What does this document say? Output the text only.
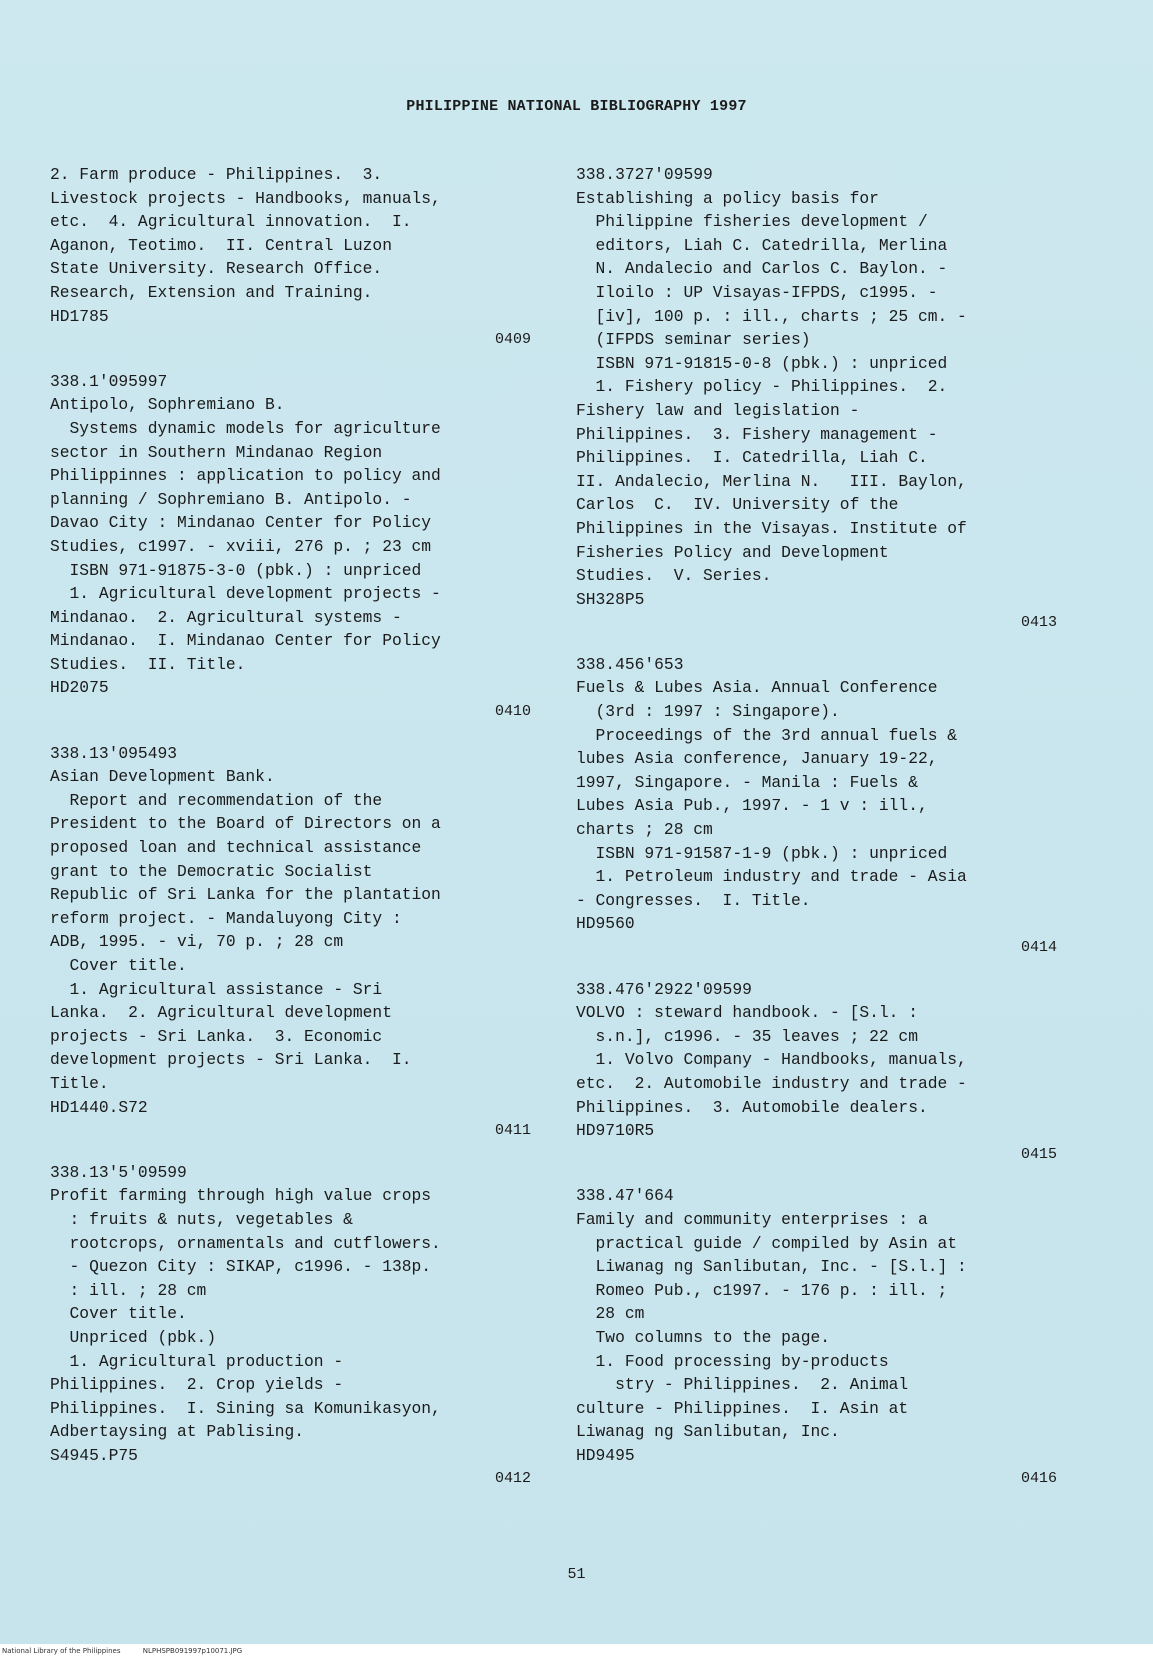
PHILIPPINE NATIONAL BIBLIOGRAPHY 1997
2. Farm produce - Philippines.  3.
Livestock projects - Handbooks, manuals,
etc.  4. Agricultural innovation.  I.
Aganon, Teotimo.  II. Central Luzon
State University. Research Office.
Research, Extension and Training.
HD1785
0409
338.1'095997
Antipolo, Sophremiano B.
Systems dynamic models for agriculture
sector in Southern Mindanao Region
Philippinnes : application to policy and
planning / Sophremiano B. Antipolo. -
Davao City : Mindanao Center for Policy
Studies, c1997. - xviii, 276 p. ; 23 cm
ISBN 971-91875-3-0 (pbk.) : unpriced
1. Agricultural development projects -
Mindanao.  2. Agricultural systems -
Mindanao.  I. Mindanao Center for Policy
Studies.  II. Title.
HD2075
0410
338.13'095493
Asian Development Bank.
Report and recommendation of the
President to the Board of Directors on a
proposed loan and technical assistance
grant to the Democratic Socialist
Republic of Sri Lanka for the plantation
reform project. - Mandaluyong City :
ADB, 1995. - vi, 70 p. ; 28 cm
Cover title.
1. Agricultural assistance - Sri
Lanka.  2. Agricultural development
projects - Sri Lanka.  3. Economic
development projects - Sri Lanka.  I.
Title.
HD1440.S72
0411
338.13'5'09599
Profit farming through high value crops
: fruits & nuts, vegetables &
rootcrops, ornamentals and cutflowers.
- Quezon City : SIKAP, c1996. - 138p.
: ill. ; 28 cm
Cover title.
Unpriced (pbk.)
1. Agricultural production -
Philippines.  2. Crop yields -
Philippines.  I. Sining sa Komunikasyon,
Adbertaysing at Pablising.
S4945.P75
0412
338.3727'09599
Establishing a policy basis for
Philippine fisheries development /
editors, Liah C. Catedrilla, Merlina
N. Andalecio and Carlos C. Baylon. -
Iloilo : UP Visayas-IFPDS, c1995. -
[iv], 100 p. : ill., charts ; 25 cm. -
(IFPDS seminar series)
ISBN 971-91815-0-8 (pbk.) : unpriced
1. Fishery policy - Philippines.  2.
Fishery law and legislation -
Philippines.  3. Fishery management -
Philippines.  I. Catedrilla, Liah C.
II. Andalecio, Merlina N.   III. Baylon,
Carlos  C.  IV. University of the
Philippines in the Visayas. Institute of
Fisheries Policy and Development
Studies.  V. Series.
SH328P5
0413
338.456'653
Fuels & Lubes Asia. Annual Conference
(3rd : 1997 : Singapore).
Proceedings of the 3rd annual fuels &
lubes Asia conference, January 19-22,
1997, Singapore. - Manila : Fuels &
Lubes Asia Pub., 1997. - 1 v : ill.,
charts ; 28 cm
ISBN 971-91587-1-9 (pbk.) : unpriced
1. Petroleum industry and trade - Asia
- Congresses.  I. Title.
HD9560
0414
338.476'2922'09599
VOLVO : steward handbook. - [S.l. :
s.n.], c1996. - 35 leaves ; 22 cm
1. Volvo Company - Handbooks, manuals,
etc.  2. Automobile industry and trade -
Philippines.  3. Automobile dealers.
HD9710R5
0415
338.47'664
Family and community enterprises : a
practical guide / compiled by Asin at
Liwanag ng Sanlibutan, Inc. - [S.l.] :
Romeo Pub., c1997. - 176 p. : ill. ;
28 cm
Two columns to the page.
1. Food processing by-products
stry - Philippines.  2. Animal
culture - Philippines.  I. Asin at
Liwanag ng Sanlibutan, Inc.
HD9495
0416
51
National Library of the Philippines	NLPHSPB091997p10071.JPG
